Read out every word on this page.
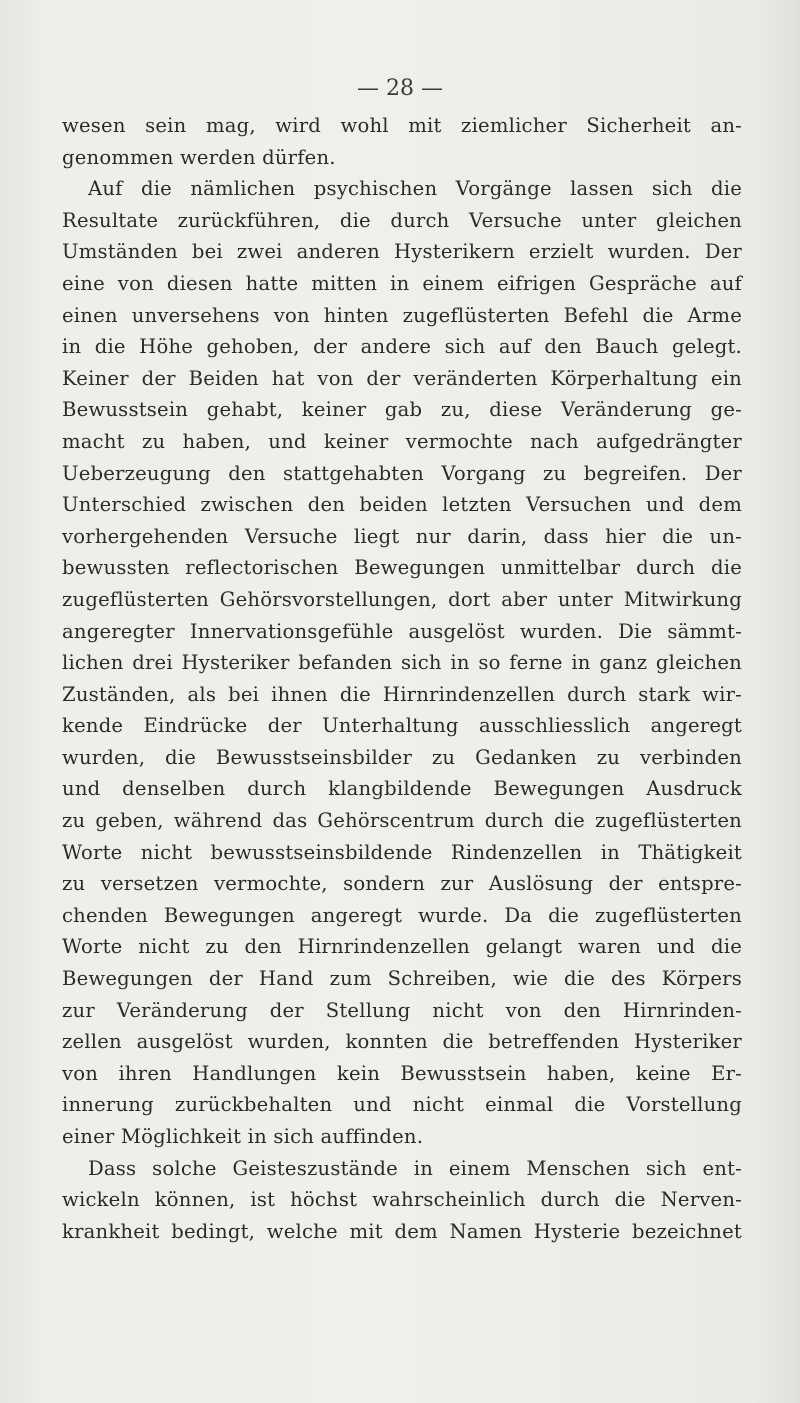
— 28 —
wesen sein mag, wird wohl mit ziemlicher Sicherheit an-
genommen werden dürfen.
Auf die nämlichen psychischen Vorgänge lassen sich die
Resultate zurückführen, die durch Versuche unter gleichen
Umständen bei zwei anderen Hysterikern erzielt wurden. Der
eine von diesen hatte mitten in einem eifrigen Gespräche auf
einen unversehens von hinten zugeflüsterten Befehl die Arme
in die Höhe gehoben, der andere sich auf den Bauch gelegt.
Keiner der Beiden hat von der veränderten Körperhaltung ein
Bewusstsein gehabt, keiner gab zu, diese Veränderung ge-
macht zu haben, und keiner vermochte nach aufgedrängter
Ueberzeugung den stattgehabten Vorgang zu begreifen. Der
Unterschied zwischen den beiden letzten Versuchen und dem
vorhergehenden Versuche liegt nur darin, dass hier die un-
bewussten reflectorischen Bewegungen unmittelbar durch die
zugeflüsterten Gehörsvorstellungen, dort aber unter Mitwirkung
angeregter Innervationsgefühle ausgelöst wurden. Die sämmt-
lichen drei Hysteriker befanden sich in so ferne in ganz gleichen
Zuständen, als bei ihnen die Hirnrindenzellen durch stark wir-
kende Eindrücke der Unterhaltung ausschliesslich angeregt
wurden, die Bewusstseinsbilder zu Gedanken zu verbinden
und denselben durch klangbildende Bewegungen Ausdruck
zu geben, während das Gehörscentrum durch die zugeflüsterten
Worte nicht bewusstseinsbildende Rindenzellen in Thätigkeit
zu versetzen vermochte, sondern zur Auslösung der entspre-
chenden Bewegungen angeregt wurde. Da die zugeflüsterten
Worte nicht zu den Hirnrindenzellen gelangt waren und die
Bewegungen der Hand zum Schreiben, wie die des Körpers
zur Veränderung der Stellung nicht von den Hirnrinden-
zellen ausgelöst wurden, konnten die betreffenden Hysteriker
von ihren Handlungen kein Bewusstsein haben, keine Er-
innerung zurückbehalten und nicht einmal die Vorstellung
einer Möglichkeit in sich auffinden.
Dass solche Geisteszustände in einem Menschen sich ent-
wickeln können, ist höchst wahrscheinlich durch die Nerven-
krankheit bedingt, welche mit dem Namen Hysterie bezeichnet
